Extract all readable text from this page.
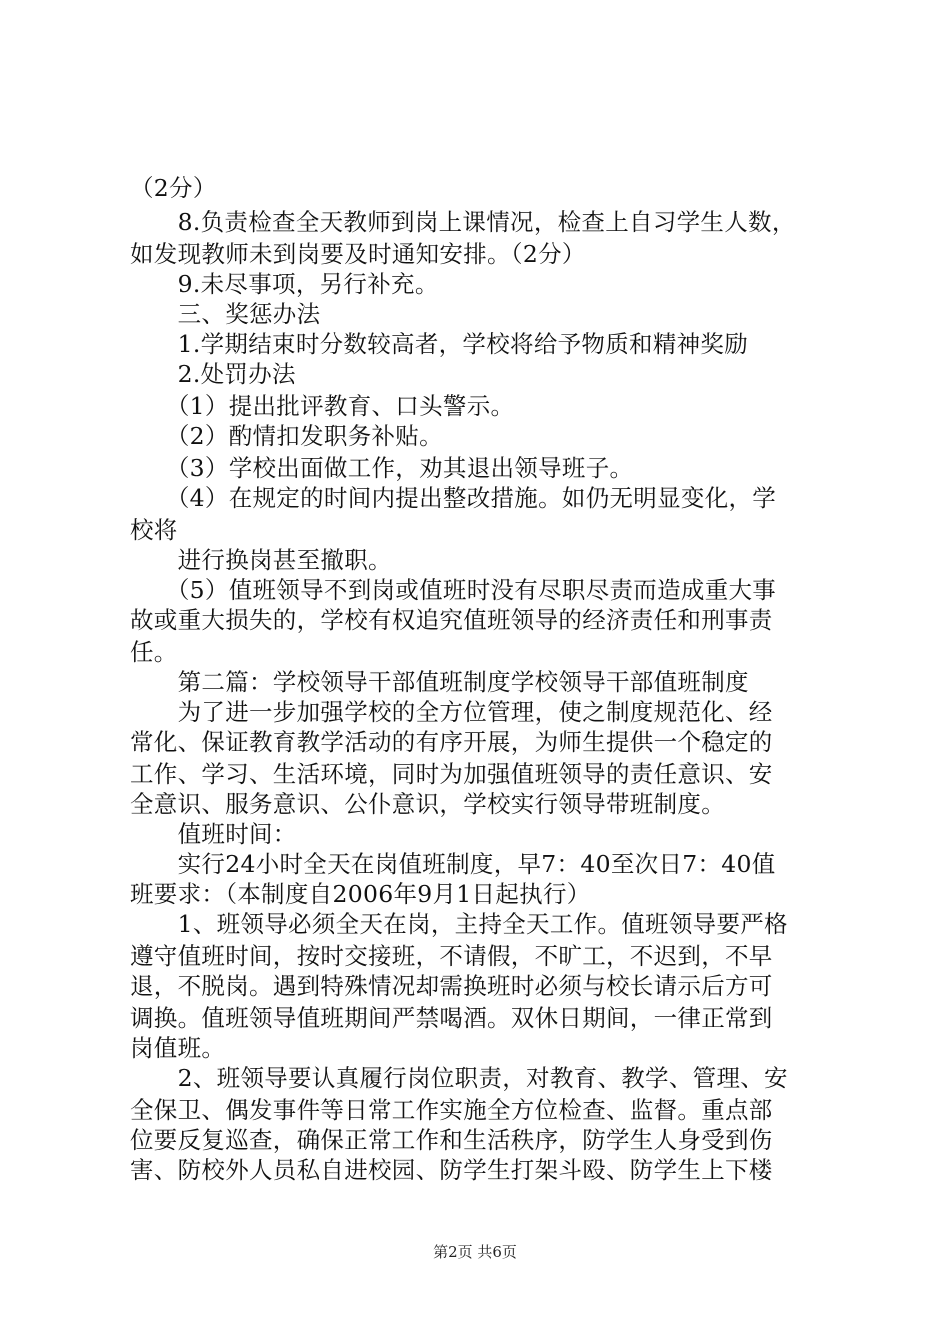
（2分）
　　8.负责检查全天教师到岗上课情况，检查上自习学生人数，
如发现教师未到岗要及时通知安排。（2分）
　　9.未尽事项，另行补充。
　　三、奖惩办法
　　1.学期结束时分数较高者，学校将给予物质和精神奖励
　　2.处罚办法
　　（1）提出批评教育、口头警示。
　　（2）酌情扣发职务补贴。
　　（3）学校出面做工作，劝其退出领导班子。
　　（4）在规定的时间内提出整改措施。如仍无明显变化，学
校将
　　进行换岗甚至撤职。
　　（5）值班领导不到岗或值班时没有尽职尽责而造成重大事
故或重大损失的，学校有权追究值班领导的经济责任和刑事责
任。
　　第二篇：学校领导干部值班制度学校领导干部值班制度
　　为了进一步加强学校的全方位管理，使之制度规范化、经
常化、保证教育教学活动的有序开展，为师生提供一个稳定的
工作、学习、生活环境，同时为加强值班领导的责任意识、安
全意识、服务意识、公仆意识，学校实行领导带班制度。
　　值班时间：
　　实行24小时全天在岗值班制度，早7：40至次日7：40值
班要求：（本制度自2006年9月1日起执行）
　　1、班领导必须全天在岗，主持全天工作。值班领导要严格
遵守值班时间，按时交接班，不请假，不旷工，不迟到，不早
退，不脱岗。遇到特殊情况却需换班时必须与校长请示后方可
调换。值班领导值班期间严禁喝酒。双休日期间，一律正常到
岗值班。
　　2、班领导要认真履行岗位职责，对教育、教学、管理、安
全保卫、偶发事件等日常工作实施全方位检查、监督。重点部
位要反复巡查，确保正常工作和生活秩序，防学生人身受到伤
害、防校外人员私自进校园、防学生打架斗殴、防学生上下楼
第2页 共6页
